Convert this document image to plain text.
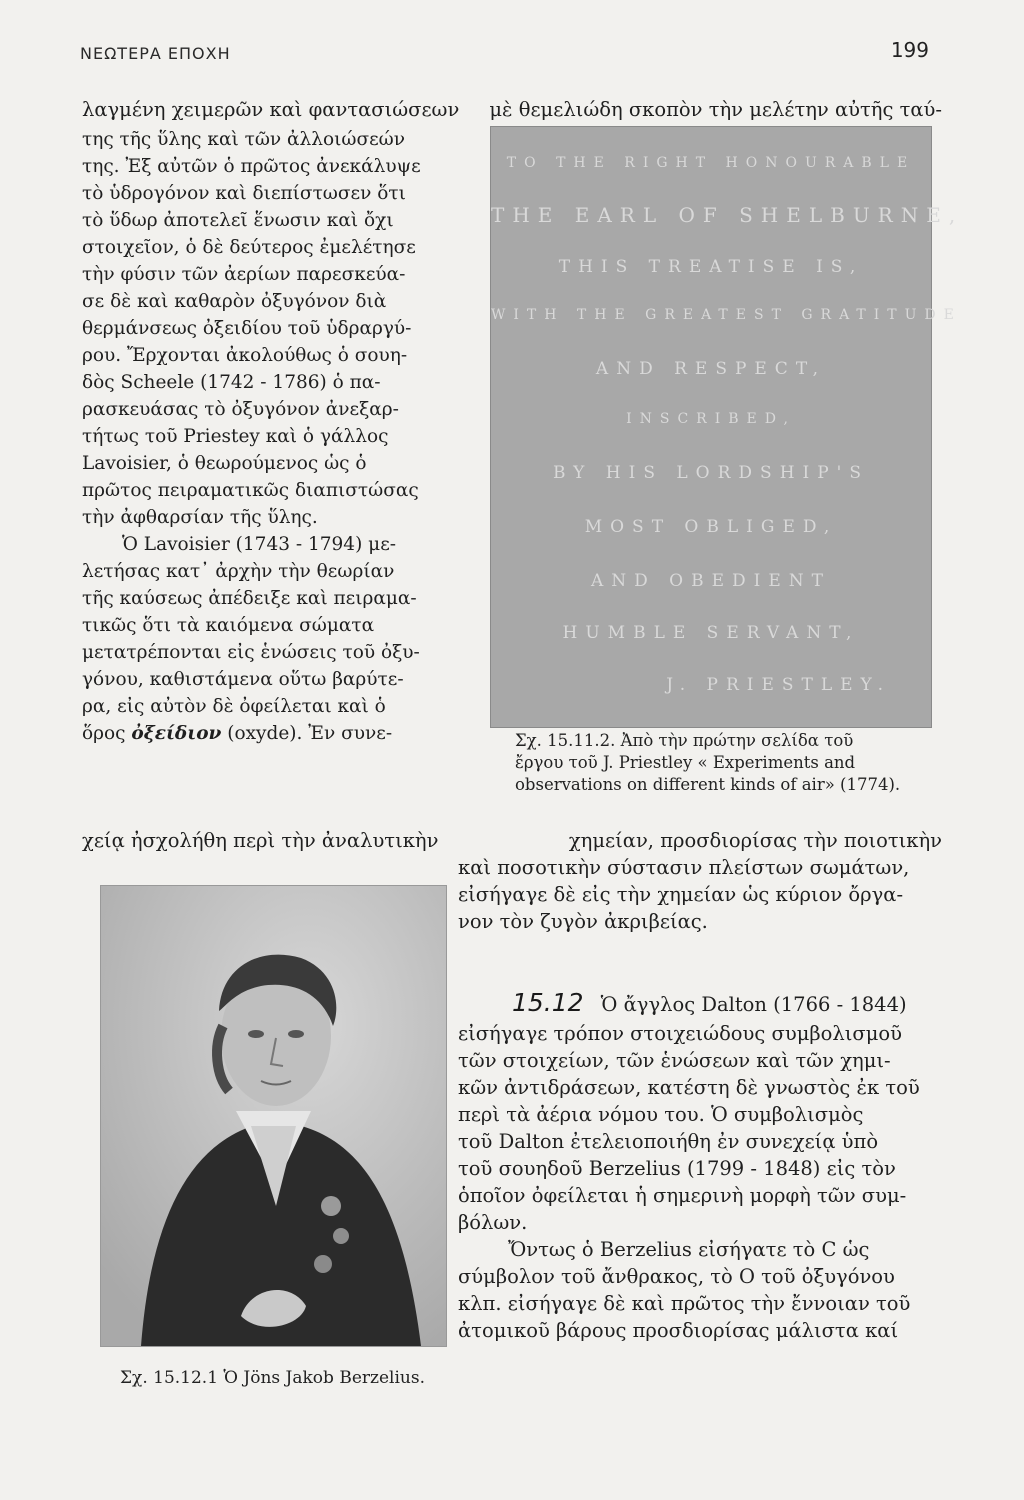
ΝΕΩΤΕΡΑ ΕΠΟΧΗ	199
λαγμένη χειμερῶν καὶ φαντασιώσεων μὲ θεμελιώδη σκοπὸν τὴν μελέτην αὐτῆς ταύ-
της τῆς ὕλης καὶ τῶν ἀλλοιώσεών
της. Ἐξ αὐτῶν ὁ πρῶτος ἀνεκάλυψε
τὸ ὑδρογόνον καὶ διεπίστωσεν ὅτι
τὸ ὕδωρ ἀποτελεῖ ἕνωσιν καὶ ὄχι
στοιχεῖον, ὁ δὲ δεύτερος ἐμελέτησε
τὴν φύσιν τῶν ἀερίων παρεσκεύα-
σε δὲ καὶ καθαρὸν ὀξυγόνον διὰ
θερμάνσεως ὀξειδίου τοῦ ὑδραργύ-
ρου. Ἔρχονται ἀκολούθως ὁ σουη-
δὸς Scheele (1742 - 1786) ὁ πα-
ρασκευάσας τὸ ὀξυγόνον ἀνεξαρ-
τήτως τοῦ Priestey καὶ ὁ γάλλος
Lavoisier, ὁ θεωρούμενος ὡς ὁ
πρῶτος πειραματικῶς διαπιστώσας
τὴν ἀφθαρσίαν τῆς ὕλης.
Ὁ Lavoisier (1743 - 1794) με-
λετήσας κατ᾿ ἀρχὴν τὴν θεωρίαν
τῆς καύσεως ἀπέδειξε καὶ πειραμα-
τικῶς ὅτι τὰ καιόμενα σώματα
μετατρέπονται εἰς ἑνώσεις τοῦ ὀξυ-
γόνου, καθιστάμενα οὕτω βαρύτε-
ρα, εἰς αὐτὸν δὲ ὀφείλεται καὶ ὁ
ὅρος ὀξείδιον (oxyde). Ἐν συνε-
TO THE RIGHT HONOURABLE
THE EARL OF SHELBURNE,
THIS TREATISE IS,
WITH THE GREATEST GRATITUDE
AND RESPECT,
INSCRIBED,
BY HIS LORDSHIP'S
MOST OBLIGED,
AND OBEDIENT
HUMBLE SERVANT,
J. PRIESTLEY.
Σχ. 15.11.2. Ἀπὸ τὴν πρώτην σελίδα τοῦ
ἔργου τοῦ J. Priestley « Experiments and
observations on different kinds of air» (1774).
χείᾳ ἠσχολήθη περὶ τὴν ἀναλυτικὴν	χημείαν, προσδιορίσας τὴν ποιοτικὴν
Σχ. 15.12.1 Ὁ Jöns Jakob Berzelius.
καὶ ποσοτικὴν σύστασιν πλείστων σωμάτων,
εἰσήγαγε δὲ εἰς τὴν χημείαν ὡς κύριον ὄργα-
νον τὸν ζυγὸν ἀκριβείας.
15.12 Ὁ ἄγγλος Dalton (1766 - 1844)
εἰσήγαγε τρόπον στοιχειώδους συμβολισμοῦ
τῶν στοιχείων, τῶν ἑνώσεων καὶ τῶν χημι-
κῶν ἀντιδράσεων, κατέστη δὲ γνωστὸς ἐκ τοῦ
περὶ τὰ ἀέρια νόμου του. Ὁ συμβολισμὸς
τοῦ Dalton ἐτελειοποιήθη ἐν συνεχείᾳ ὑπὸ
τοῦ σουηδοῦ Berzelius (1799 - 1848) εἰς τὸν
ὁποῖον ὀφείλεται ἡ σημερινὴ μορφὴ τῶν συμ-
βόλων.
Ὄντως ὁ Berzelius εἰσήγατε τὸ C ὡς
σύμβολον τοῦ ἄνθρακος, τὸ Ο τοῦ ὀξυγόνου
κλπ. εἰσήγαγε δὲ καὶ πρῶτος τὴν ἔννοιαν τοῦ
ἀτομικοῦ βάρους προσδιορίσας μάλιστα καί
